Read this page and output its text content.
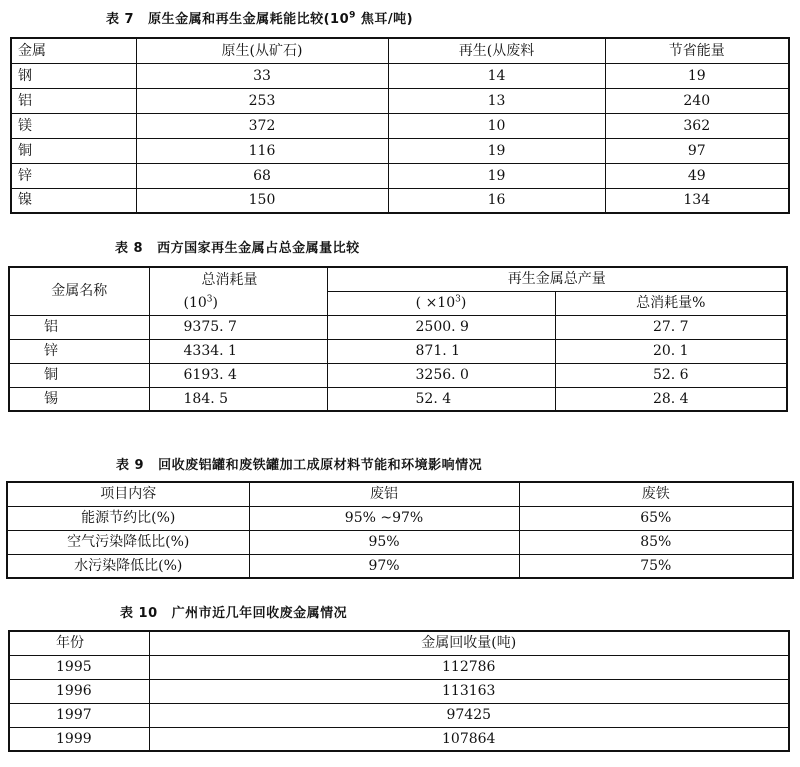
表 7 原生金属和再生金属耗能比较($10^9$ 焦耳/吨)
金属	原生(从矿石)	再生(从废料	节省能量
钢	33	14	19
铝	253	13	240
镁	372	10	362
铜	116	19	97
锌	68	19	49
镍	150	16	134
表 8 西方国家再生金属占总金属量比较
金属名称	总消耗量	再生金属总产量	
	$(10^3)$	( $\times 10^3$)	总消耗量%
铝	9375. 7	2500. 9	27. 7
锌	4334. 1	871. 1	20. 1
铜	6193. 4	3256. 0	52. 6
锡	184. 5	52. 4	28. 4
表 9 回收废铝罐和废铁罐加工成原材料节能和环境影响情况
项目内容	废铝	废铁
能源节约比(%)	95% ~97%	65%
空气污染降低比(%)	95%	85%
水污染降低比(%)	97%	75%
表 10 广州市近几年回收废金属情况
年份	金属回收量(吨)
1995	112786
1996	113163
1997	97425
1999	107864
